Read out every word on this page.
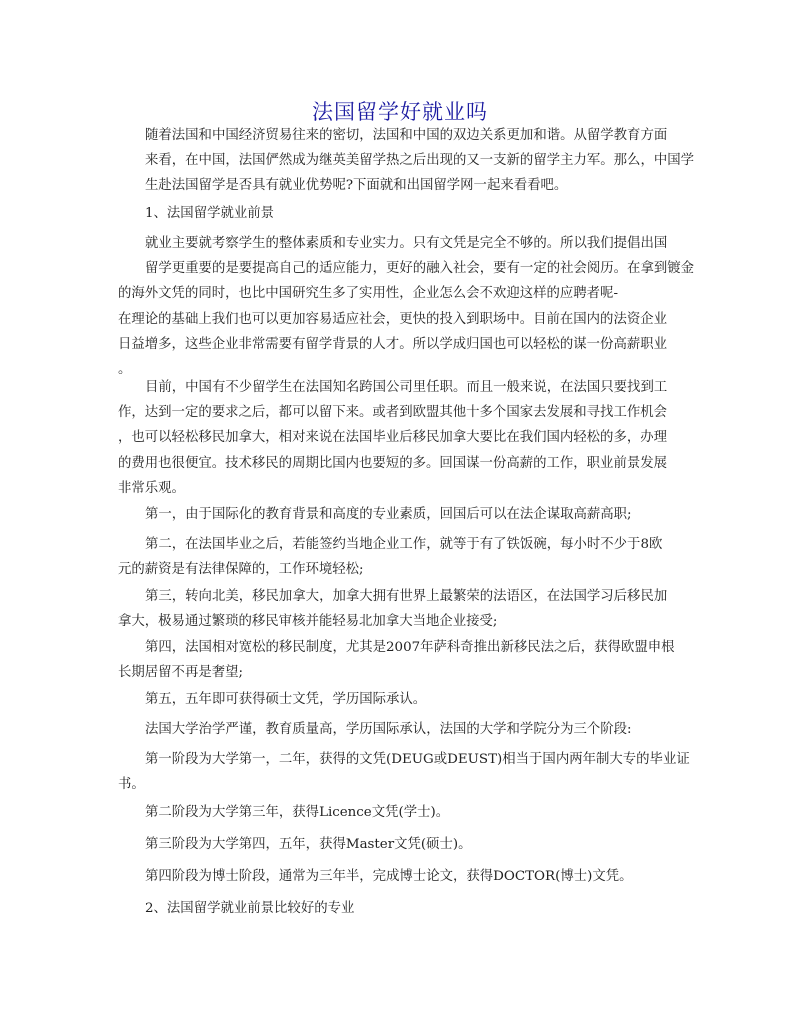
法国留学好就业吗
随着法国和中国经济贸易往来的密切，法国和中国的双边关系更加和谐。从留学教育方面
来看，在中国，法国俨然成为继英美留学热之后出现的又一支新的留学主力军。那么，中国学
生赴法国留学是否具有就业优势呢?下面就和出国留学网一起来看看吧。
1、法国留学就业前景
就业主要就考察学生的整体素质和专业实力。只有文凭是完全不够的。所以我们提倡出国
留学更重要的是要提高自己的适应能力，更好的融入社会，要有一定的社会阅历。在拿到镀金
的海外文凭的同时，也比中国研究生多了实用性，企业怎么会不欢迎这样的应聘者呢-
在理论的基础上我们也可以更加容易适应社会，更快的投入到职场中。目前在国内的法资企业
日益增多，这些企业非常需要有留学背景的人才。所以学成归国也可以轻松的谋一份高薪职业
。
目前，中国有不少留学生在法国知名跨国公司里任职。而且一般来说，在法国只要找到工
作，达到一定的要求之后，都可以留下来。或者到欧盟其他十多个国家去发展和寻找工作机会
，也可以轻松移民加拿大，相对来说在法国毕业后移民加拿大要比在我们国内轻松的多，办理
的费用也很便宜。技术移民的周期比国内也要短的多。回国谋一份高薪的工作，职业前景发展
非常乐观。
第一，由于国际化的教育背景和高度的专业素质，回国后可以在法企谋取高薪高职;
第二，在法国毕业之后，若能签约当地企业工作，就等于有了铁饭碗，每小时不少于8欧
元的薪资是有法律保障的，工作环境轻松;
第三，转向北美，移民加拿大，加拿大拥有世界上最繁荣的法语区，在法国学习后移民加
拿大，极易通过繁琐的移民审核并能轻易北加拿大当地企业接受;
第四，法国相对宽松的移民制度，尤其是2007年萨科奇推出新移民法之后，获得欧盟申根
长期居留不再是奢望;
第五，五年即可获得硕士文凭，学历国际承认。
法国大学治学严谨，教育质量高，学历国际承认，法国的大学和学院分为三个阶段:
第一阶段为大学第一，二年，获得的文凭(DEUG或DEUST)相当于国内两年制大专的毕业证
书。
第二阶段为大学第三年，获得Licence文凭(学士)。
第三阶段为大学第四，五年，获得Master文凭(硕士)。
第四阶段为博士阶段，通常为三年半，完成博士论文，获得DOCTOR(博士)文凭。
2、法国留学就业前景比较好的专业
